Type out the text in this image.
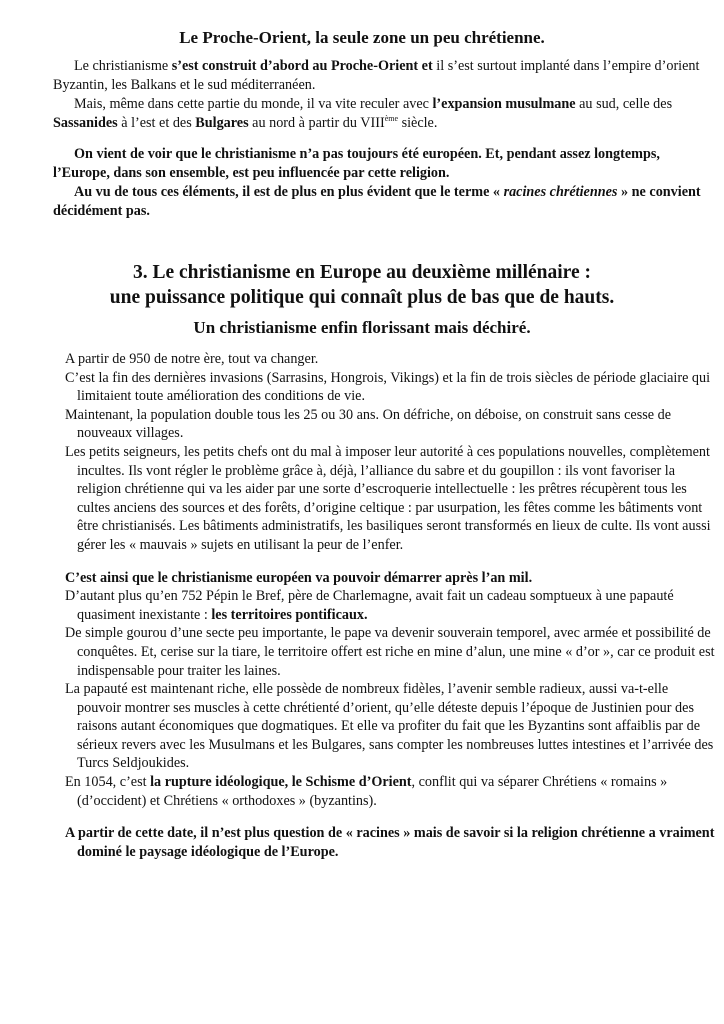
Le Proche-Orient, la seule zone un peu chrétienne.

Le christianisme s’est construit d’abord au Proche-Orient et il s’est surtout implanté dans l’empire d’orient Byzantin, les Balkans et le sud méditerranéen.

Mais, même dans cette partie du monde, il va vite reculer avec l’expansion musulmane au sud, celle des Sassanides à l’est et des Bulgares au nord à partir du VIIIème siècle.

On vient de voir que le christianisme n’a pas toujours été européen. Et, pendant assez longtemps, l’Europe, dans son ensemble, est peu influencée par cette religion.

Au vu de tous ces éléments, il est de plus en plus évident que le terme « racines chrétiennes » ne convient décidément pas.

3. Le christianisme en Europe au deuxième millénaire :
une puissance politique qui connaît plus de bas que de hauts.
Un christianisme enfin florissant mais déchiré.

A partir de 950 de notre ère, tout va changer.

C’est la fin des dernières invasions (Sarrasins, Hongrois, Vikings) et la fin de trois siècles de période glaciaire qui limitaient toute amélioration des conditions de vie.

Maintenant, la population double tous les 25 ou 30 ans. On défriche, on déboise, on construit sans cesse de nouveaux villages.

Les petits seigneurs, les petits chefs ont du mal à imposer leur autorité à ces populations nouvelles, complètement incultes. Ils vont régler le problème grâce à, déjà, l’alliance du sabre et du goupillon : ils vont favoriser la religion chrétienne qui va les aider par une sorte d’escroquerie intellectuelle : les prêtres récupèrent tous les cultes anciens des sources et des forêts, d’origine celtique : par usurpation, les fêtes comme les bâtiments vont être christianisés. Les bâtiments administratifs, les basiliques seront transformés en lieux de culte. Ils vont aussi gérer les « mauvais » sujets en utilisant la peur de l’enfer.

C’est ainsi que le christianisme européen va pouvoir démarrer après l’an mil.

D’autant plus qu’en 752 Pépin le Bref, père de Charlemagne, avait fait un cadeau somptueux à une papauté quasiment inexistante : les territoires pontificaux.

De simple gourou d’une secte peu importante, le pape va devenir souverain temporel, avec armée et possibilité de conquêtes. Et, cerise sur la tiare, le territoire offert est riche en mine d’alun, une mine « d’or », car ce produit est indispensable pour traiter les laines.

La papauté est maintenant riche, elle possède de nombreux fidèles, l’avenir semble radieux, aussi va-t-elle pouvoir montrer ses muscles à cette chrétienté d’orient, qu’elle déteste depuis l’époque de Justinien pour des raisons autant économiques que dogmatiques. Et elle va profiter du fait que les Byzantins sont affaiblis par de sérieux revers avec les Musulmans et les Bulgares, sans compter les nombreuses luttes intestines et l’arrivée des Turcs Seldjoukides.

En 1054, c’est la rupture idéologique, le Schisme d’Orient, conflit qui va séparer Chrétiens « romains » (d’occident) et Chrétiens « orthodoxes » (byzantins).

A partir de cette date, il n’est plus question de « racines » mais de savoir si la religion chrétienne a vraiment dominé le paysage idéologique de l’Europe.
